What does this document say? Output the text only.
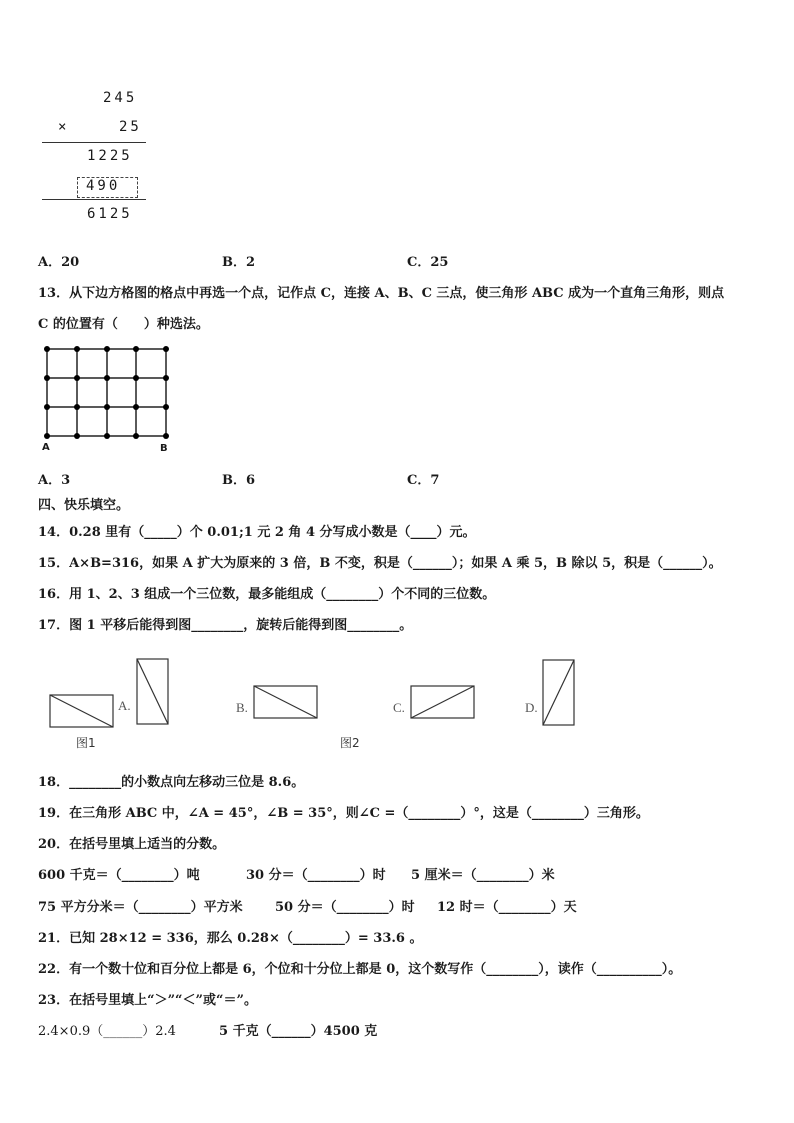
245
×	25
1225
490
6125
A．20	B．2	C．25
13．从下边方格图的格点中再选一个点，记作点 C，连接 A、B、C 三点，使三角形 ABC 成为一个直角三角形，则点
C 的位置有（　　）种选法。
A	B
A．3	B．6	C．7
四、快乐填空。
14．0.28 里有（_____）个 0.01;1 元 2 角 4 分写成小数是（____）元。
15．A×B=316，如果 A 扩大为原来的 3 倍，B 不变，积是（______）；如果 A 乘 5，B 除以 5，积是（______）。
16．用 1、2、3 组成一个三位数，最多能组成（________）个不同的三位数。
17．图 1 平移后能得到图________，旋转后能得到图________。
A.	B.	C.	D.
图1	图2
18．________的小数点向左移动三位是 8.6。
19．在三角形 ABC 中，∠A = 45°，∠B = 35°，则∠C =（________）°，这是（________）三角形。
20．在括号里填上适当的分数。
600 千克＝（________）吨	30 分＝（________）时 5 厘米＝（________）米
75 平方分米＝（________）平方米 50 分＝（________）时 12 时＝（________）天
21．已知 28×12 = 336，那么 0.28×（________）= 33.6 。
22．有一个数十位和百分位上都是 6，个位和十分位上都是 0，这个数写作（________），读作（__________）。
23．在括号里填上“＞”“＜”或“＝”。
2.4×0.9（______）2.4	5 千克（______）4500 克
